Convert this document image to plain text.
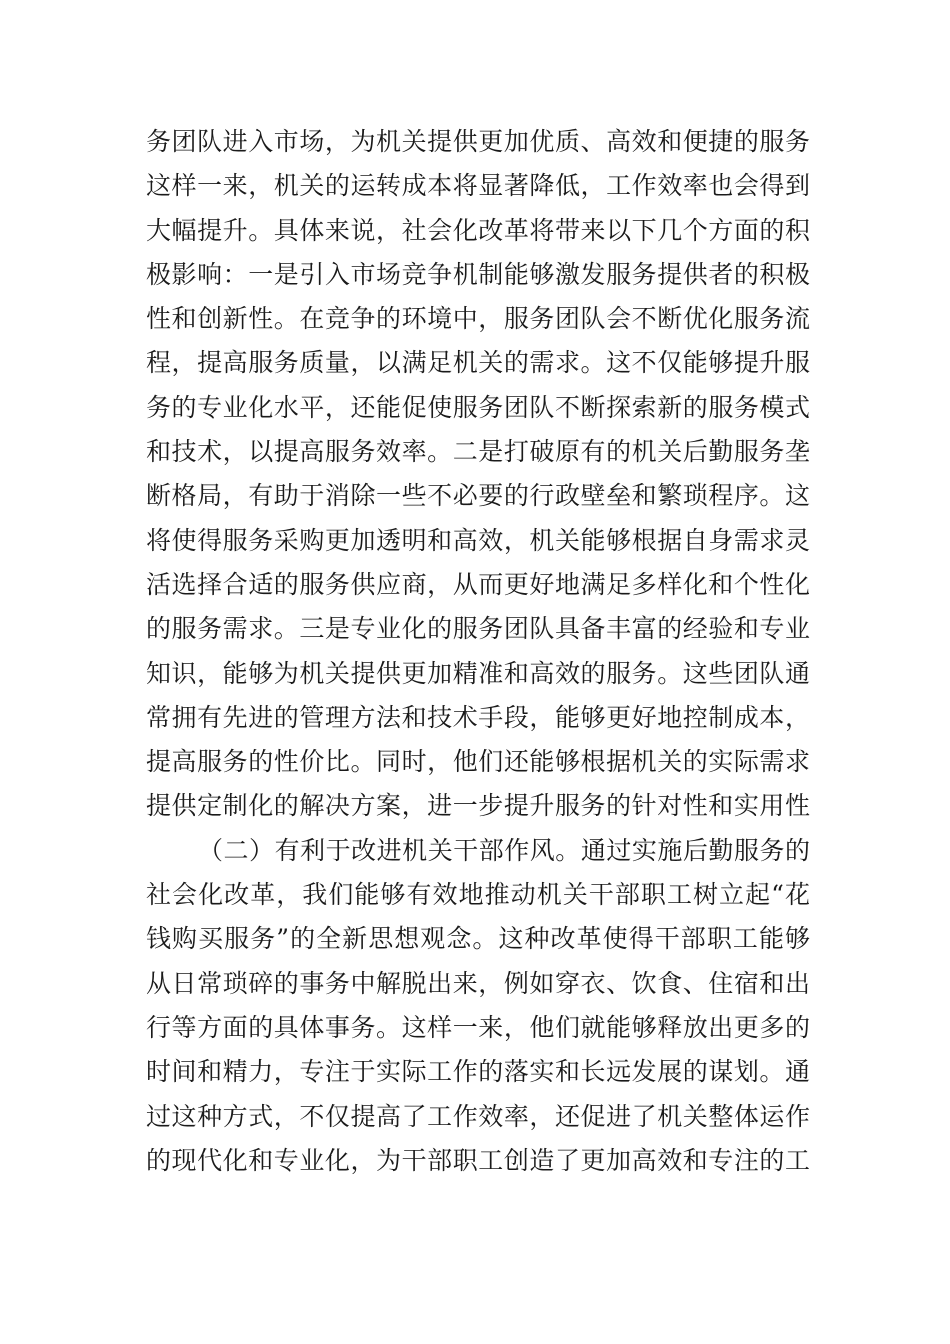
务团队进入市场，为机关提供更加优质、高效和便捷的服务
这样一来，机关的运转成本将显著降低，工作效率也会得到
大幅提升。具体来说，社会化改革将带来以下几个方面的积
极影响：一是引入市场竞争机制能够激发服务提供者的积极
性和创新性。在竞争的环境中，服务团队会不断优化服务流
程，提高服务质量，以满足机关的需求。这不仅能够提升服
务的专业化水平，还能促使服务团队不断探索新的服务模式
和技术，以提高服务效率。二是打破原有的机关后勤服务垄
断格局，有助于消除一些不必要的行政壁垒和繁琐程序。这
将使得服务采购更加透明和高效，机关能够根据自身需求灵
活选择合适的服务供应商，从而更好地满足多样化和个性化
的服务需求。三是专业化的服务团队具备丰富的经验和专业
知识，能够为机关提供更加精准和高效的服务。这些团队通
常拥有先进的管理方法和技术手段，能够更好地控制成本，
提高服务的性价比。同时，他们还能够根据机关的实际需求
提供定制化的解决方案，进一步提升服务的针对性和实用性
（二）有利于改进机关干部作风。通过实施后勤服务的
社会化改革，我们能够有效地推动机关干部职工树立起“花
钱购买服务”的全新思想观念。这种改革使得干部职工能够
从日常琐碎的事务中解脱出来，例如穿衣、饮食、住宿和出
行等方面的具体事务。这样一来，他们就能够释放出更多的
时间和精力，专注于实际工作的落实和长远发展的谋划。通
过这种方式，不仅提高了工作效率，还促进了机关整体运作
的现代化和专业化，为干部职工创造了更加高效和专注的工
